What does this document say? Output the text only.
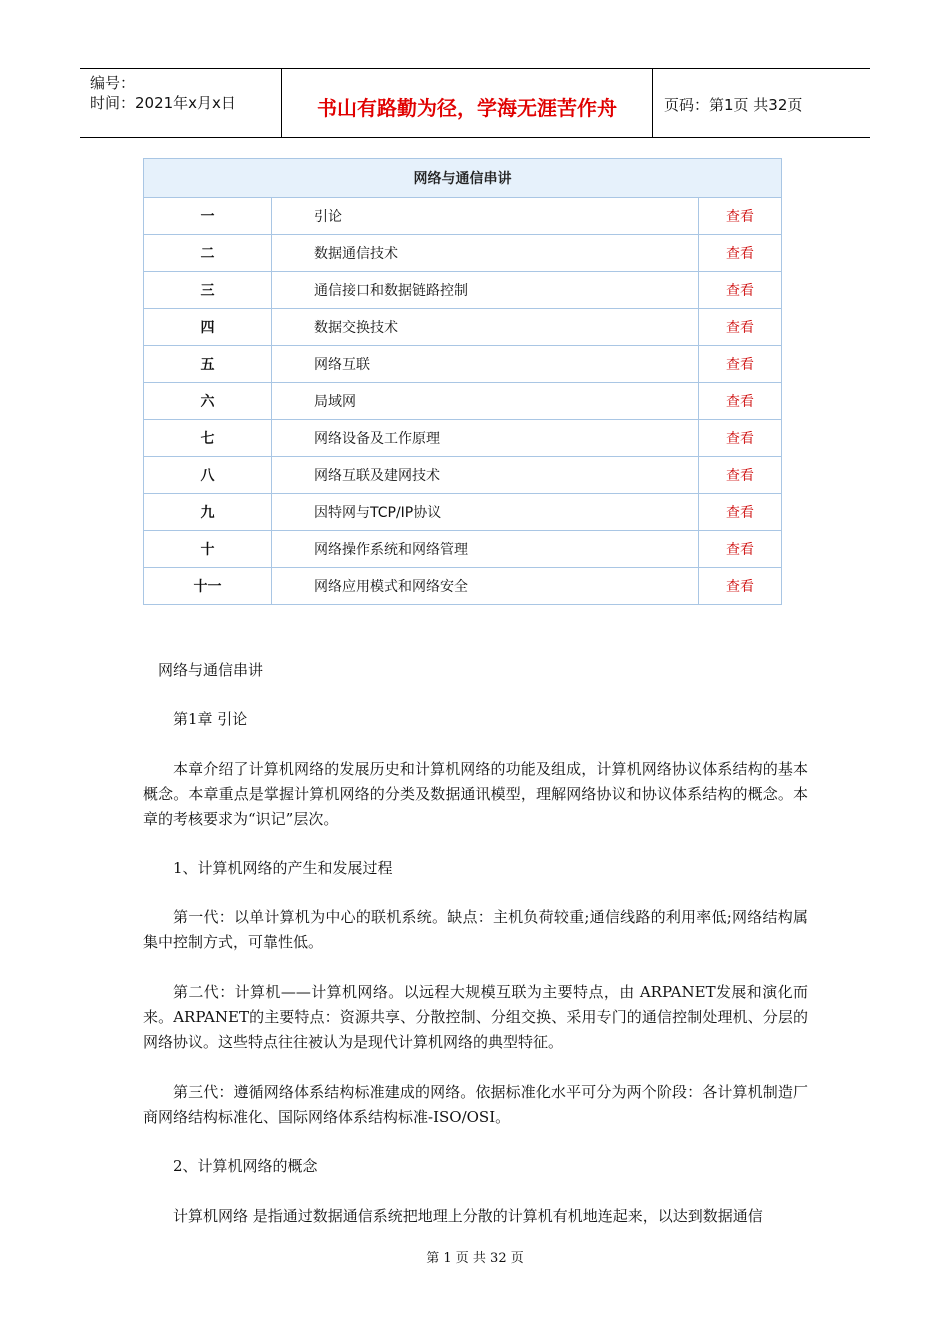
编号：
时间：2021年x月x日	书山有路勤为径，学海无涯苦作舟	页码：第1页 共32页
网络与通信串讲		
一	引论	查看
二	数据通信技术	查看
三	通信接口和数据链路控制	查看
四	数据交换技术	查看
五	网络互联	查看
六	局域网	查看
七	网络设备及工作原理	查看
八	网络互联及建网技术	查看
九	因特网与TCP/IP协议	查看
十	网络操作系统和网络管理	查看
十一	网络应用模式和网络安全	查看

网络与通信串讲

第1章 引论

本章介绍了计算机网络的发展历史和计算机网络的功能及组成，计算机网络协议体系结构的基本概念。本章重点是掌握计算机网络的分类及数据通讯模型，理解网络协议和协议体系结构的概念。本章的考核要求为“识记”层次。

1、计算机网络的产生和发展过程

第一代：以单计算机为中心的联机系统。缺点：主机负荷较重;通信线路的利用率低;网络结构属集中控制方式，可靠性低。

第二代：计算机——计算机网络。以远程大规模互联为主要特点，由 ARPANET发展和演化而来。ARPANET的主要特点：资源共享、分散控制、分组交换、采用专门的通信控制处理机、分层的网络协议。这些特点往往被认为是现代计算机网络的典型特征。

第三代：遵循网络体系结构标准建成的网络。依据标准化水平可分为两个阶段：各计算机制造厂商网络结构标准化、国际网络体系结构标准-ISO/OSI。

2、计算机网络的概念

计算机网络 是指通过数据通信系统把地理上分散的计算机有机地连起来，以达到数据通信

第 1 页 共 32 页
